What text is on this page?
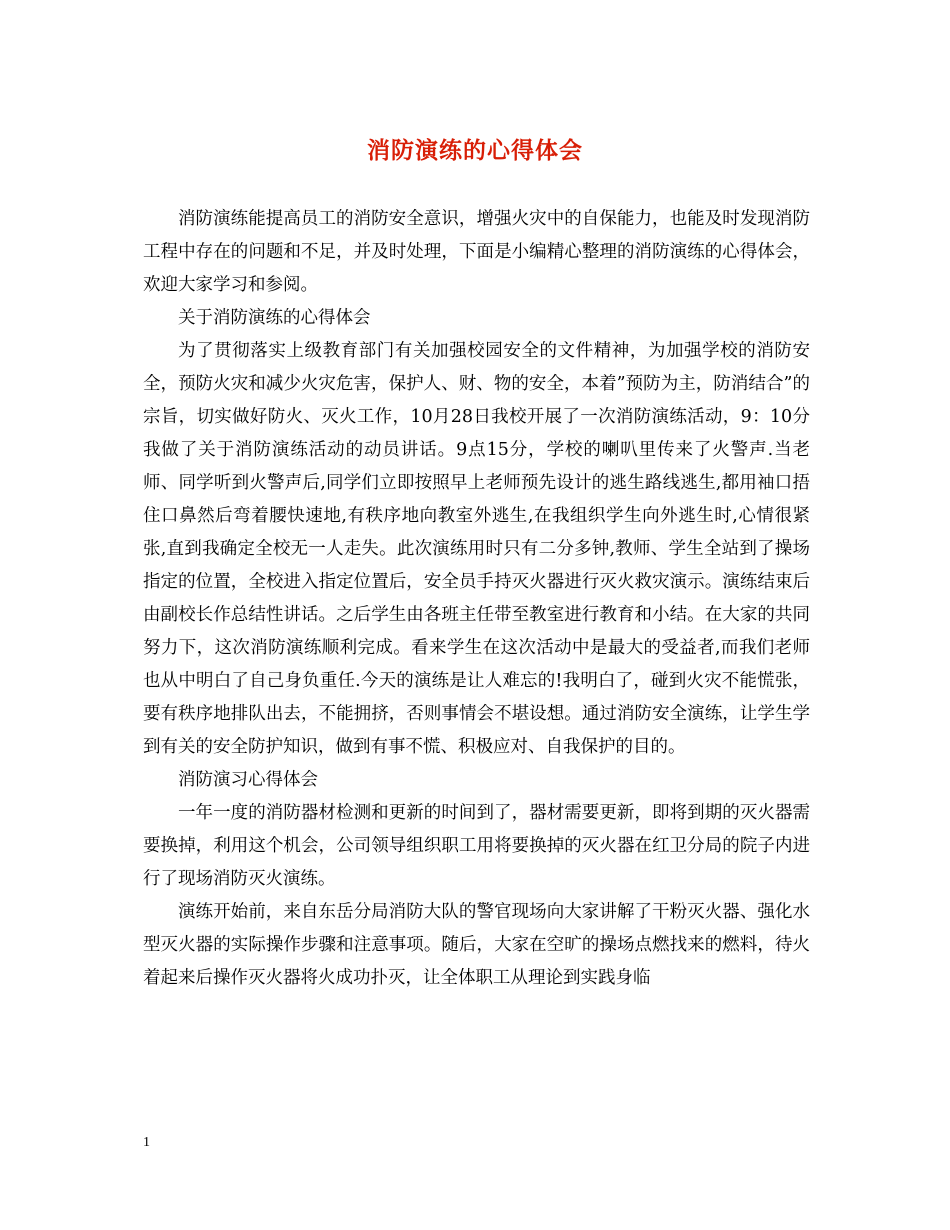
消防演练的心得体会

消防演练能提高员工的消防安全意识，增强火灾中的自保能力，也能及时发现消防工程中存在的问题和不足，并及时处理，下面是小编精心整理的消防演练的心得体会，欢迎大家学习和参阅。

关于消防演练的心得体会

为了贯彻落实上级教育部门有关加强校园安全的文件精神，为加强学校的消防安全，预防火灾和减少火灾危害，保护人、财、物的安全，本着”预防为主，防消结合”的宗旨，切实做好防火、灭火工作，10月28日我校开展了一次消防演练活动，9：10分我做了关于消防演练活动的动员讲话。9点15分，学校的喇叭里传来了火警声.当老师、同学听到火警声后,同学们立即按照早上老师预先设计的逃生路线逃生,都用袖口捂住口鼻然后弯着腰快速地,有秩序地向教室外逃生,在我组织学生向外逃生时,心情很紧张,直到我确定全校无一人走失。此次演练用时只有二分多钟,教师、学生全站到了操场指定的位置，全校进入指定位置后，安全员手持灭火器进行灭火救灾演示。演练结束后由副校长作总结性讲话。之后学生由各班主任带至教室进行教育和小结。在大家的共同努力下，这次消防演练顺利完成。看来学生在这次活动中是最大的受益者,而我们老师也从中明白了自己身负重任.今天的演练是让人难忘的!我明白了，碰到火灾不能慌张，要有秩序地排队出去，不能拥挤，否则事情会不堪设想。通过消防安全演练，让学生学到有关的安全防护知识，做到有事不慌、积极应对、自我保护的目的。

消防演习心得体会

一年一度的消防器材检测和更新的时间到了，器材需要更新，即将到期的灭火器需要换掉，利用这个机会，公司领导组织职工用将要换掉的灭火器在红卫分局的院子内进行了现场消防灭火演练。

演练开始前，来自东岳分局消防大队的警官现场向大家讲解了干粉灭火器、强化水型灭火器的实际操作步骤和注意事项。随后，大家在空旷的操场点燃找来的燃料，待火着起来后操作灭火器将火成功扑灭，让全体职工从理论到实践身临

1
